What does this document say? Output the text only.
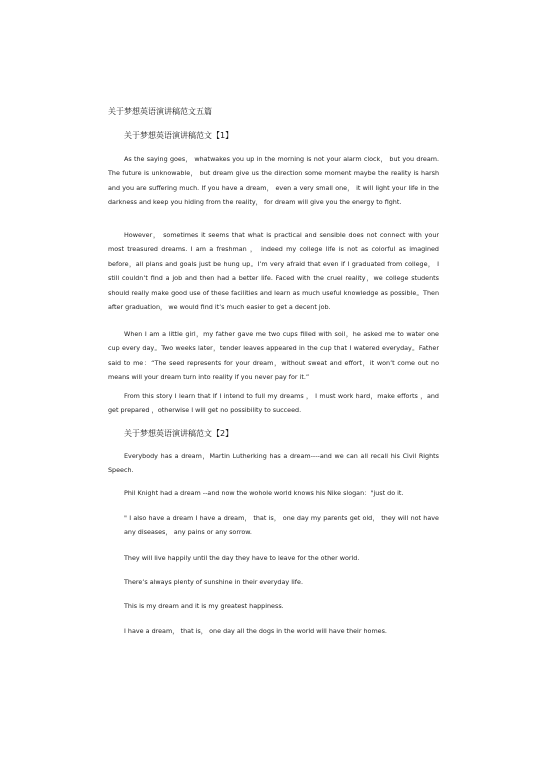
关于梦想英语演讲稿范文五篇
关于梦想英语演讲稿范文【1】

As the saying goes， whatwakes you up in the morning is not your alarm clock， but you dream. The future is unknowable， but dream give us the direction some moment maybe the reality is harsh and you are suffering much. If you have a dream， even a very small one， it will light your life in the darkness and keep you hiding from the reality， for dream will give you the energy to fight.

However， sometimes it seems that what is practical and sensible does not connect with your most treasured dreams. I am a freshman ， indeed my college life is not as colorful as imagined before，all plans and goals just be hung up。I’m very afraid that even if I graduated from college， I still couldn’t find a job and then had a better life. Faced with the cruel reality，we college students should really make good use of these facilities and learn as much useful knowledge as possible。Then after graduation， we would find it’s much easier to get a decent job.

When I am a little girl，my father gave me two cups filled with soil，he asked me to water one cup every day。Two weeks later，tender leaves appeared in the cup that I watered everyday。Father said to me：“The seed represents for your dream，without sweat and effort，it won’t come out no means will your dream turn into reality if you never pay for it.”

From this story I learn that If I intend to full my dreams ， I must work hard，make efforts ，and get prepared ，otherwise I will get no possibility to succeed.

关于梦想英语演讲稿范文【2】

Everybody has a dream，Martin Lutherking has a dream----and we can all recall his Civil Rights Speech.

Phil Knight had a dream --and now the wohole world knows his Nike slogan："just do it.

" I also have a dream I have a dream， that is， one day my parents get old， they will not have any diseases， any pains or any sorrow.

They will live happily until the day they have to leave for the other world.

There’s always plenty of sunshine in their everyday life.

This is my dream and it is my greatest happiness.

I have a dream， that is， one day all the dogs in the world will have their homes.
